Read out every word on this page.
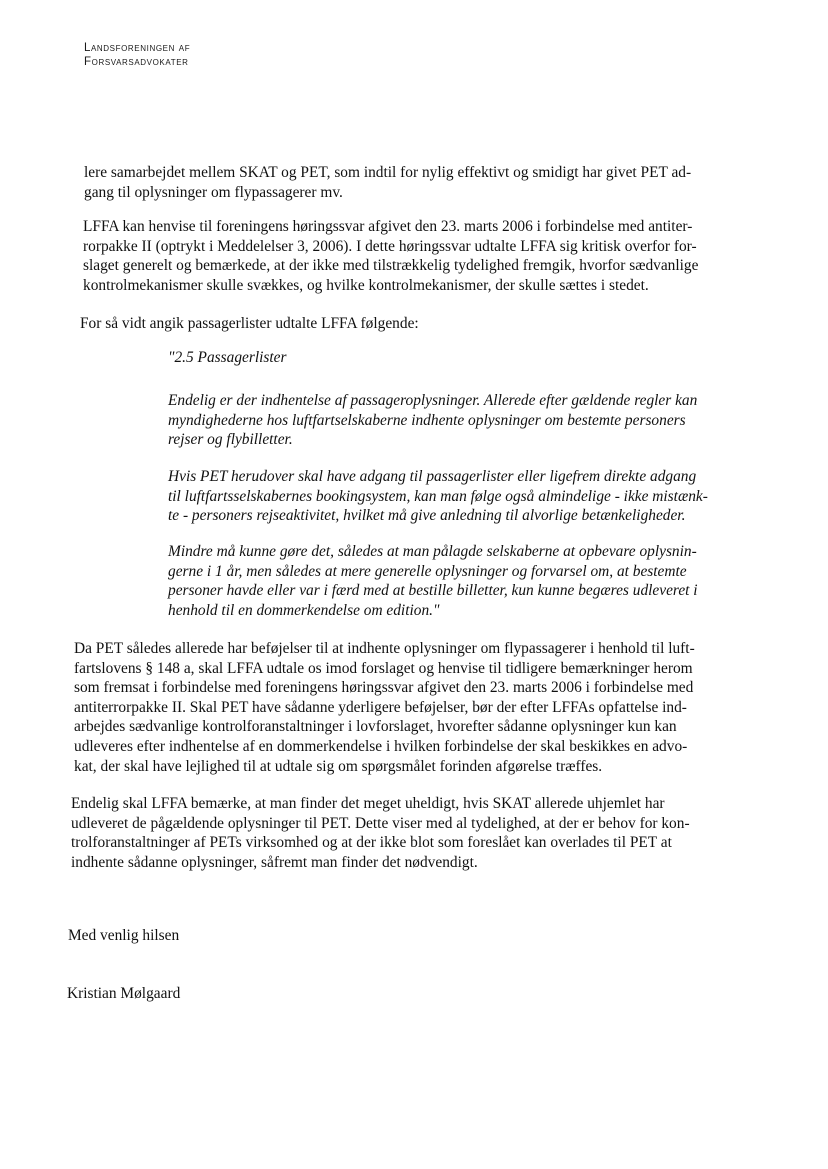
Landsforeningen af
Forsvarsadvokater

lere samarbejdet mellem SKAT og PET, som indtil for nylig effektivt og smidigt har givet PET ad-
gang til oplysninger om flypassagerer mv.

LFFA kan henvise til foreningens høringssvar afgivet den 23. marts 2006 i forbindelse med antiter-
rorpakke II (optrykt i Meddelelser 3, 2006). I dette høringssvar udtalte LFFA sig kritisk overfor for-
slaget generelt og bemærkede, at der ikke med tilstrækkelig tydelighed fremgik, hvorfor sædvanlige
kontrolmekanismer skulle svækkes, og hvilke kontrolmekanismer, der skulle sættes i stedet.

For så vidt angik passagerlister udtalte LFFA følgende:

"2.5 Passagerlister

Endelig er der indhentelse af passageroplysninger. Allerede efter gældende regler kan
myndighederne hos luftfartselskaberne indhente oplysninger om bestemte personers
rejser og flybilletter.

Hvis PET herudover skal have adgang til passagerlister eller ligefrem direkte adgang
til luftfartsselskabernes bookingsystem, kan man følge også almindelige - ikke mistænk-
te - personers rejseaktivitet, hvilket må give anledning til alvorlige betænkeligheder.

Mindre må kunne gøre det, således at man pålagde selskaberne at opbevare oplysnin-
gerne i 1 år, men således at mere generelle oplysninger og forvarsel om, at bestemte
personer havde eller var i færd med at bestille billetter, kun kunne begæres udleveret i
henhold til en dommerkendelse om edition."

Da PET således allerede har beføjelser til at indhente oplysninger om flypassagerer i henhold til luft-
fartslovens § 148 a, skal LFFA udtale os imod forslaget og henvise til tidligere bemærkninger herom
som fremsat i forbindelse med foreningens høringssvar afgivet den 23. marts 2006 i forbindelse med
antiterrorpakke II. Skal PET have sådanne yderligere beføjelser, bør der efter LFFAs opfattelse ind-
arbejdes sædvanlige kontrolforanstaltninger i lovforslaget, hvorefter sådanne oplysninger kun kan
udleveres efter indhentelse af en dommerkendelse i hvilken forbindelse der skal beskikkes en advo-
kat, der skal have lejlighed til at udtale sig om spørgsmålet forinden afgørelse træffes.

Endelig skal LFFA bemærke, at man finder det meget uheldigt, hvis SKAT allerede uhjemlet har
udleveret de pågældende oplysninger til PET. Dette viser med al tydelighed, at der er behov for kon-
trolforanstaltninger af PETs virksomhed og at der ikke blot som foreslået kan overlades til PET at
indhente sådanne oplysninger, såfremt man finder det nødvendigt.

Med venlig hilsen

Kristian Mølgaard
